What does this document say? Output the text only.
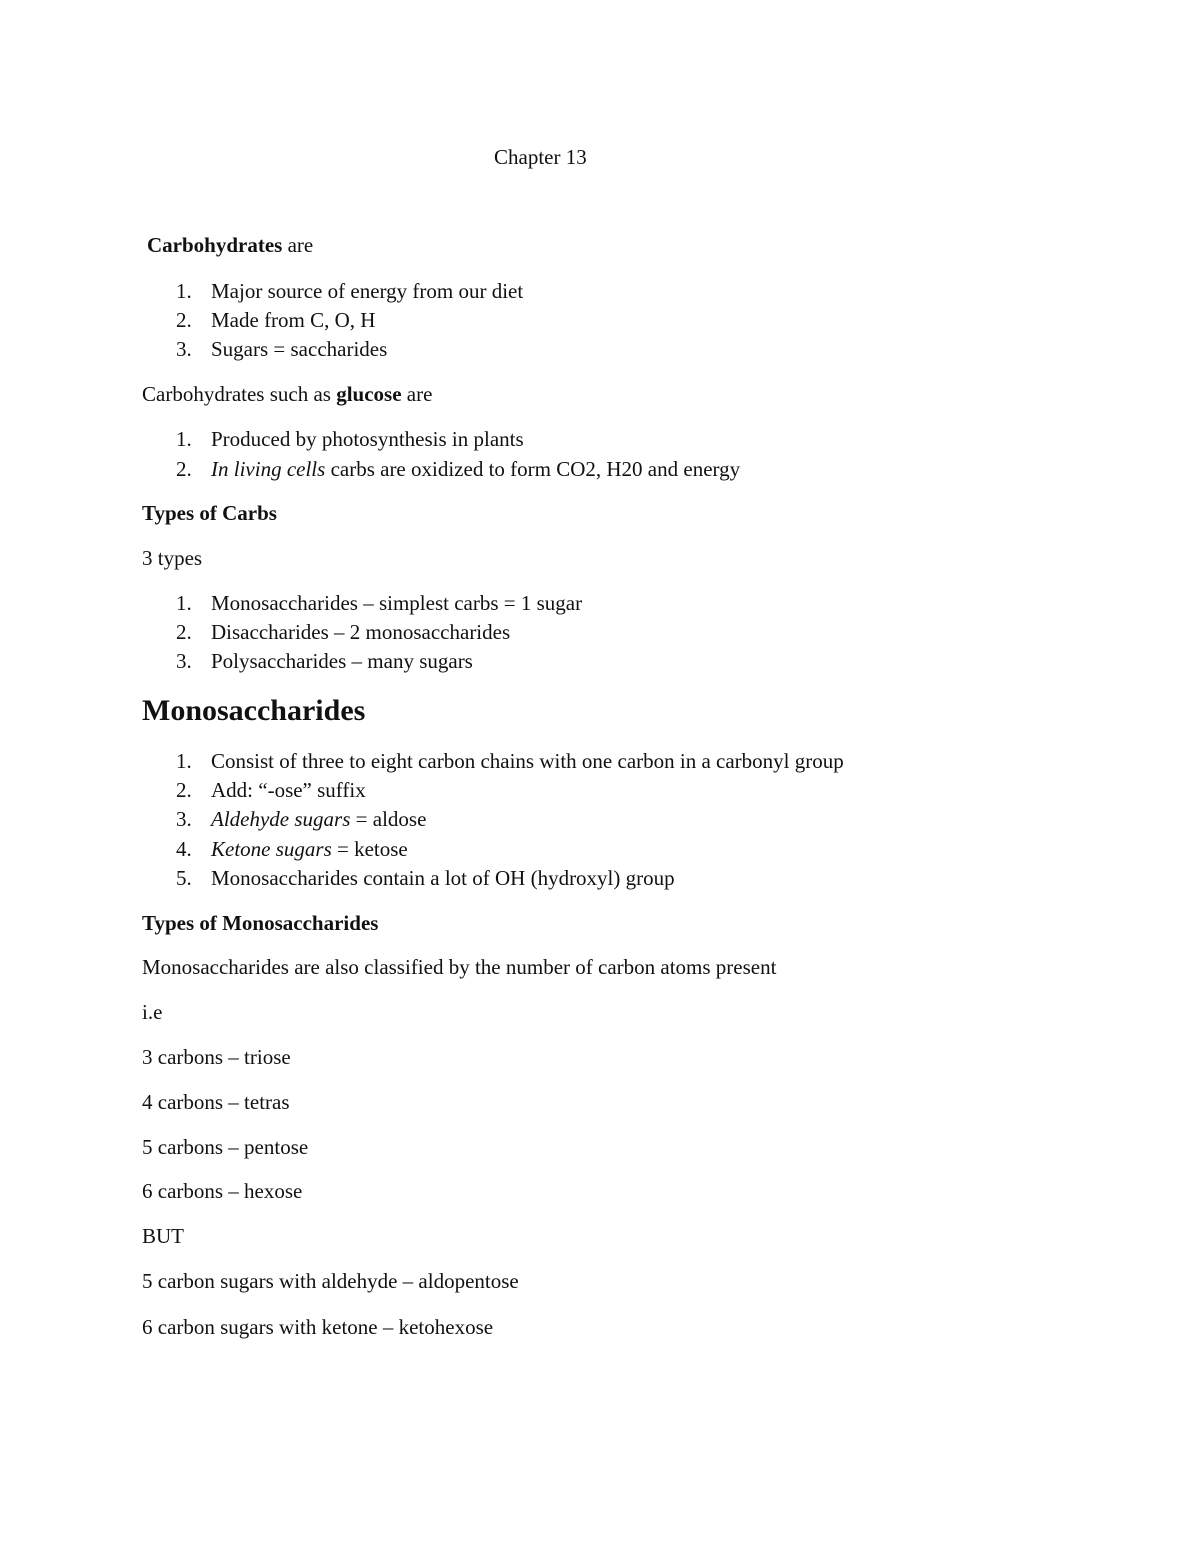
Chapter 13
Carbohydrates are
1. Major source of energy from our diet
2. Made from C, O, H
3. Sugars = saccharides
Carbohydrates such as glucose are
1. Produced by photosynthesis in plants
2. In living cells carbs are oxidized to form CO2, H20 and energy
Types of Carbs
3 types
1. Monosaccharides – simplest carbs = 1 sugar
2. Disaccharides – 2 monosaccharides
3. Polysaccharides – many sugars
Monosaccharides
1. Consist of three to eight carbon chains with one carbon in a carbonyl group
2. Add: “-ose” suffix
3. Aldehyde sugars = aldose
4. Ketone sugars = ketose
5. Monosaccharides contain a lot of OH (hydroxyl) group
Types of Monosaccharides
Monosaccharides are also classified by the number of carbon atoms present
i.e
3 carbons – triose
4 carbons – tetras
5 carbons – pentose
6 carbons – hexose
BUT
5 carbon sugars with aldehyde – aldopentose
6 carbon sugars with ketone – ketohexose
